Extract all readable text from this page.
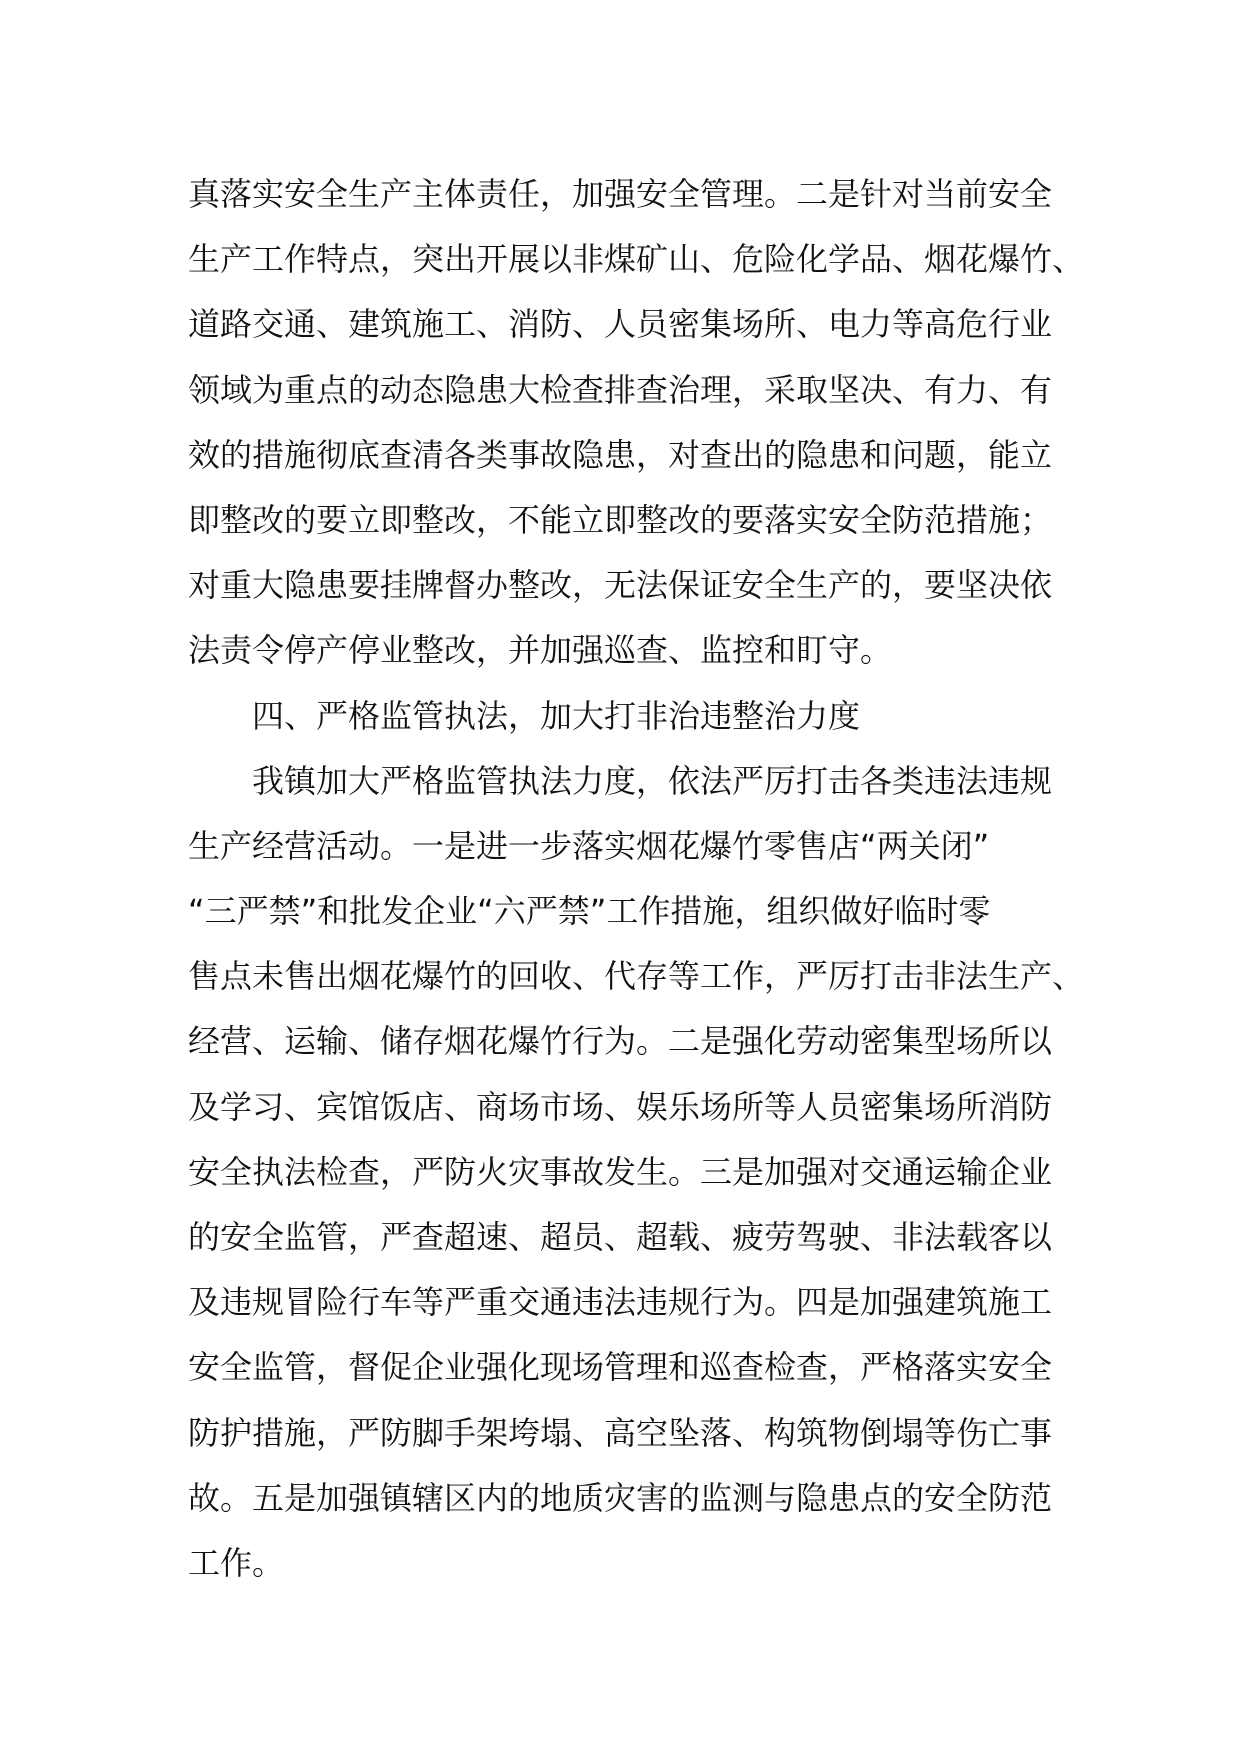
真落实安全生产主体责任，加强安全管理。二是针对当前安全
生产工作特点，突出开展以非煤矿山、危险化学品、烟花爆竹、
道路交通、建筑施工、消防、人员密集场所、电力等高危行业
领域为重点的动态隐患大检查排查治理，采取坚决、有力、有
效的措施彻底查清各类事故隐患，对查出的隐患和问题，能立
即整改的要立即整改，不能立即整改的要落实安全防范措施；
对重大隐患要挂牌督办整改，无法保证安全生产的，要坚决依
法责令停产停业整改，并加强巡查、监控和盯守。
四、严格监管执法，加大打非治违整治力度
我镇加大严格监管执法力度，依法严厉打击各类违法违规
生产经营活动。一是进一步落实烟花爆竹零售店“两关闭”
“三严禁”和批发企业“六严禁”工作措施，组织做好临时零
售点未售出烟花爆竹的回收、代存等工作，严厉打击非法生产、
经营、运输、储存烟花爆竹行为。二是强化劳动密集型场所以
及学习、宾馆饭店、商场市场、娱乐场所等人员密集场所消防
安全执法检查，严防火灾事故发生。三是加强对交通运输企业
的安全监管，严查超速、超员、超载、疲劳驾驶、非法载客以
及违规冒险行车等严重交通违法违规行为。四是加强建筑施工
安全监管，督促企业强化现场管理和巡查检查，严格落实安全
防护措施，严防脚手架垮塌、高空坠落、构筑物倒塌等伤亡事
故。五是加强镇辖区内的地质灾害的监测与隐患点的安全防范
工作。
